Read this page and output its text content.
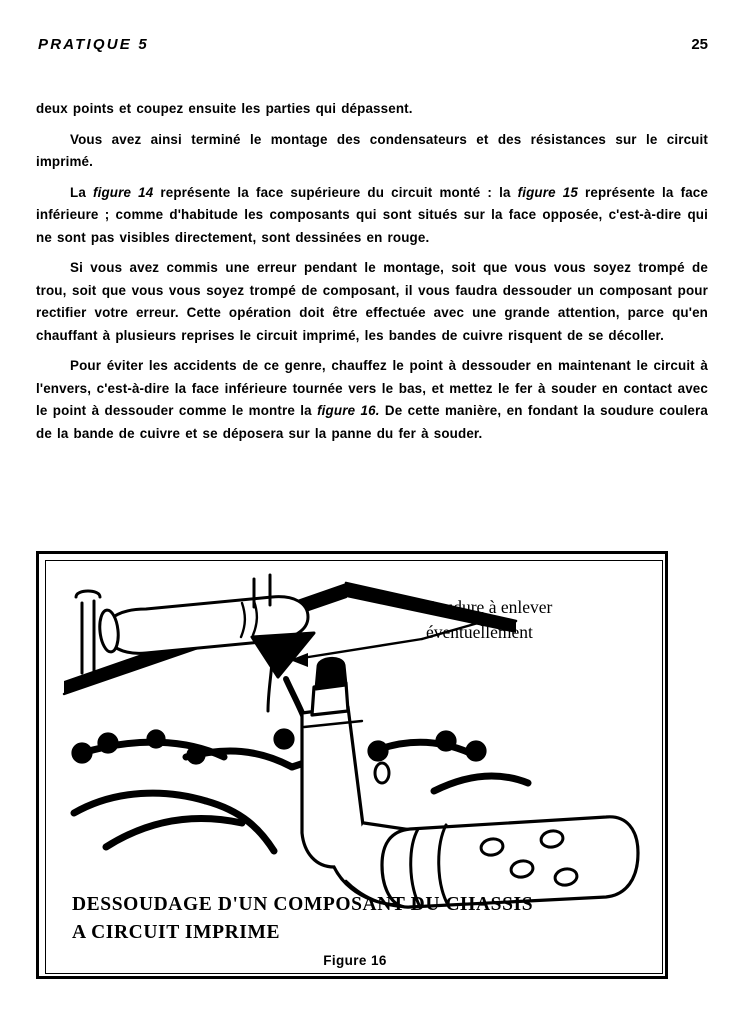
PRATIQUE 5	25
deux points et coupez ensuite les parties qui dépassent.
Vous avez ainsi terminé le montage des condensateurs et des résistances sur le circuit imprimé.
La figure 14 représente la face supérieure du circuit monté : la figure 15 représente la face inférieure ; comme d'habitude les composants qui sont situés sur la face opposée, c'est-à-dire qui ne sont pas visibles directement, sont dessinées en rouge.
Si vous avez commis une erreur pendant le montage, soit que vous vous soyez trompé de trou, soit que vous vous soyez trompé de composant, il vous faudra dessouder un composant pour rectifier votre erreur. Cette opération doit être effectuée avec une grande attention, parce qu'en chauffant à plusieurs reprises le circuit imprimé, les bandes de cuivre risquent de se décoller.
Pour éviter les accidents de ce genre, chauffez le point à dessouder en maintenant le circuit à l'envers, c'est-à-dire la face inférieure tournée vers le bas, et mettez le fer à souder en contact avec le point à dessouder comme le montre la figure 16. De cette manière, en fondant la soudure coulera de la bande de cuivre et se déposera sur la panne du fer à souder.
Soudure à enlever
éventuellement
DESSOUDAGE D'UN COMPOSANT DU CHASSIS
A CIRCUIT IMPRIME
Figure 16
